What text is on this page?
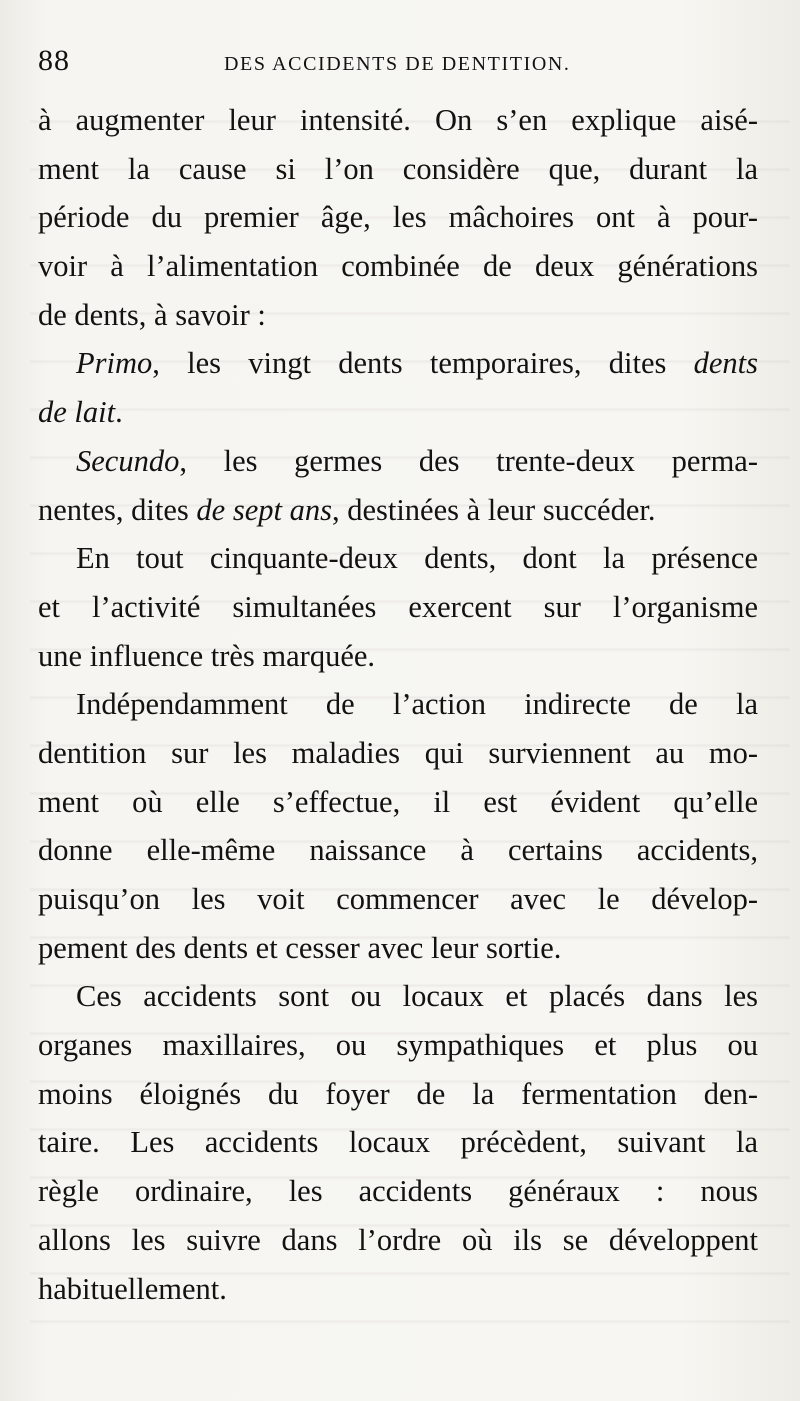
88	DES ACCIDENTS DE DENTITION.
à augmenter leur intensité. On s’en explique aisé-
ment la cause si l’on considère que, durant la
période du premier âge, les mâchoires ont à pour-
voir à l’alimentation combinée de deux générations
de dents, à savoir :
Primo, les vingt dents temporaires, dites dents
de lait.
Secundo, les germes des trente-deux perma-
nentes, dites de sept ans, destinées à leur succéder.
En tout cinquante-deux dents, dont la présence
et l’activité simultanées exercent sur l’organisme
une influence très marquée.
Indépendamment de l’action indirecte de la
dentition sur les maladies qui surviennent au mo-
ment où elle s’effectue, il est évident qu’elle
donne elle-même naissance à certains accidents,
puisqu’on les voit commencer avec le dévelop-
pement des dents et cesser avec leur sortie.
Ces accidents sont ou locaux et placés dans les
organes maxillaires, ou sympathiques et plus ou
moins éloignés du foyer de la fermentation den-
taire. Les accidents locaux précèdent, suivant la
règle ordinaire, les accidents généraux : nous
allons les suivre dans l’ordre où ils se développent
habituellement.
